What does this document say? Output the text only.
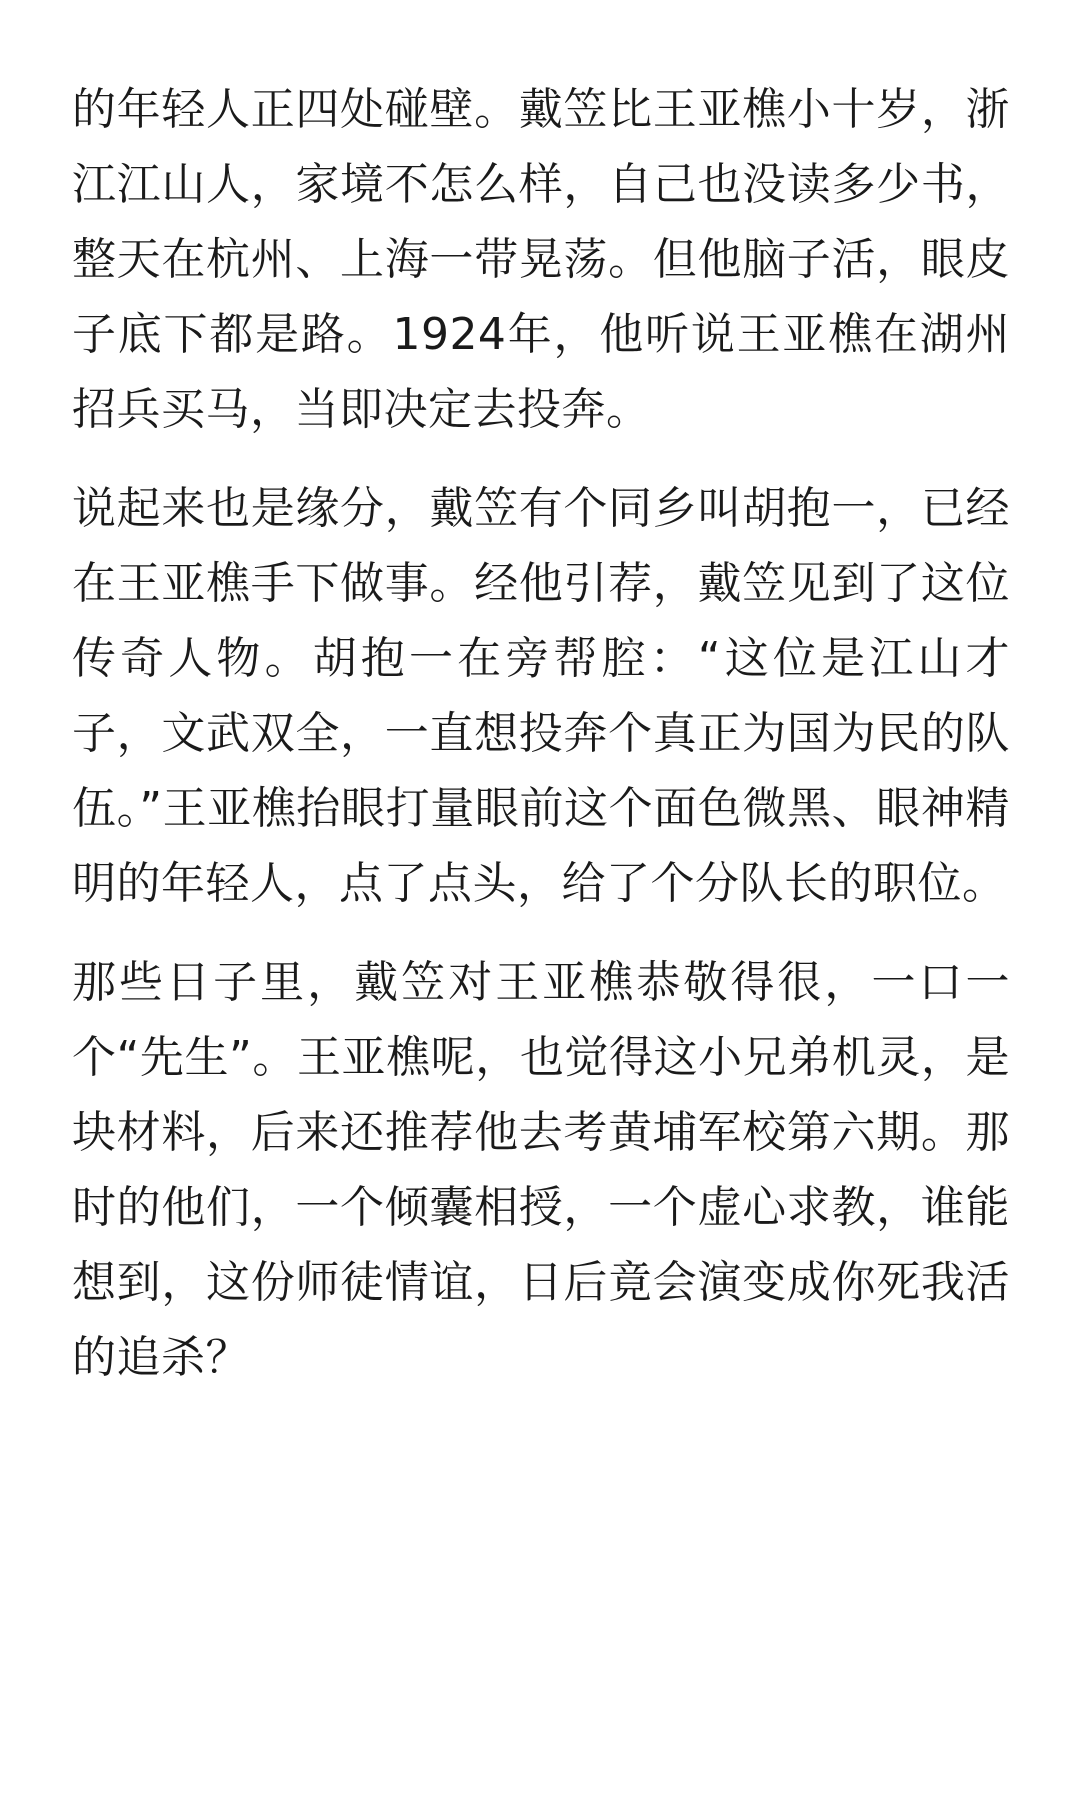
的年轻人正四处碰壁。戴笠比王亚樵小十岁，浙江江山人，家境不怎么样，自己也没读多少书，整天在杭州、上海一带晃荡。但他脑子活，眼皮子底下都是路。1924年，他听说王亚樵在湖州招兵买马，当即决定去投奔。

说起来也是缘分，戴笠有个同乡叫胡抱一，已经在王亚樵手下做事。经他引荐，戴笠见到了这位传奇人物。胡抱一在旁帮腔：“这位是江山才子，文武双全，一直想投奔个真正为国为民的队伍。”王亚樵抬眼打量眼前这个面色微黑、眼神精明的年轻人，点了点头，给了个分队长的职位。

那些日子里，戴笠对王亚樵恭敬得很，一口一个“先生”。王亚樵呢，也觉得这小兄弟机灵，是块材料，后来还推荐他去考黄埔军校第六期。那时的他们，一个倾囊相授，一个虚心求教，谁能想到，这份师徒情谊，日后竟会演变成你死我活的追杀？
